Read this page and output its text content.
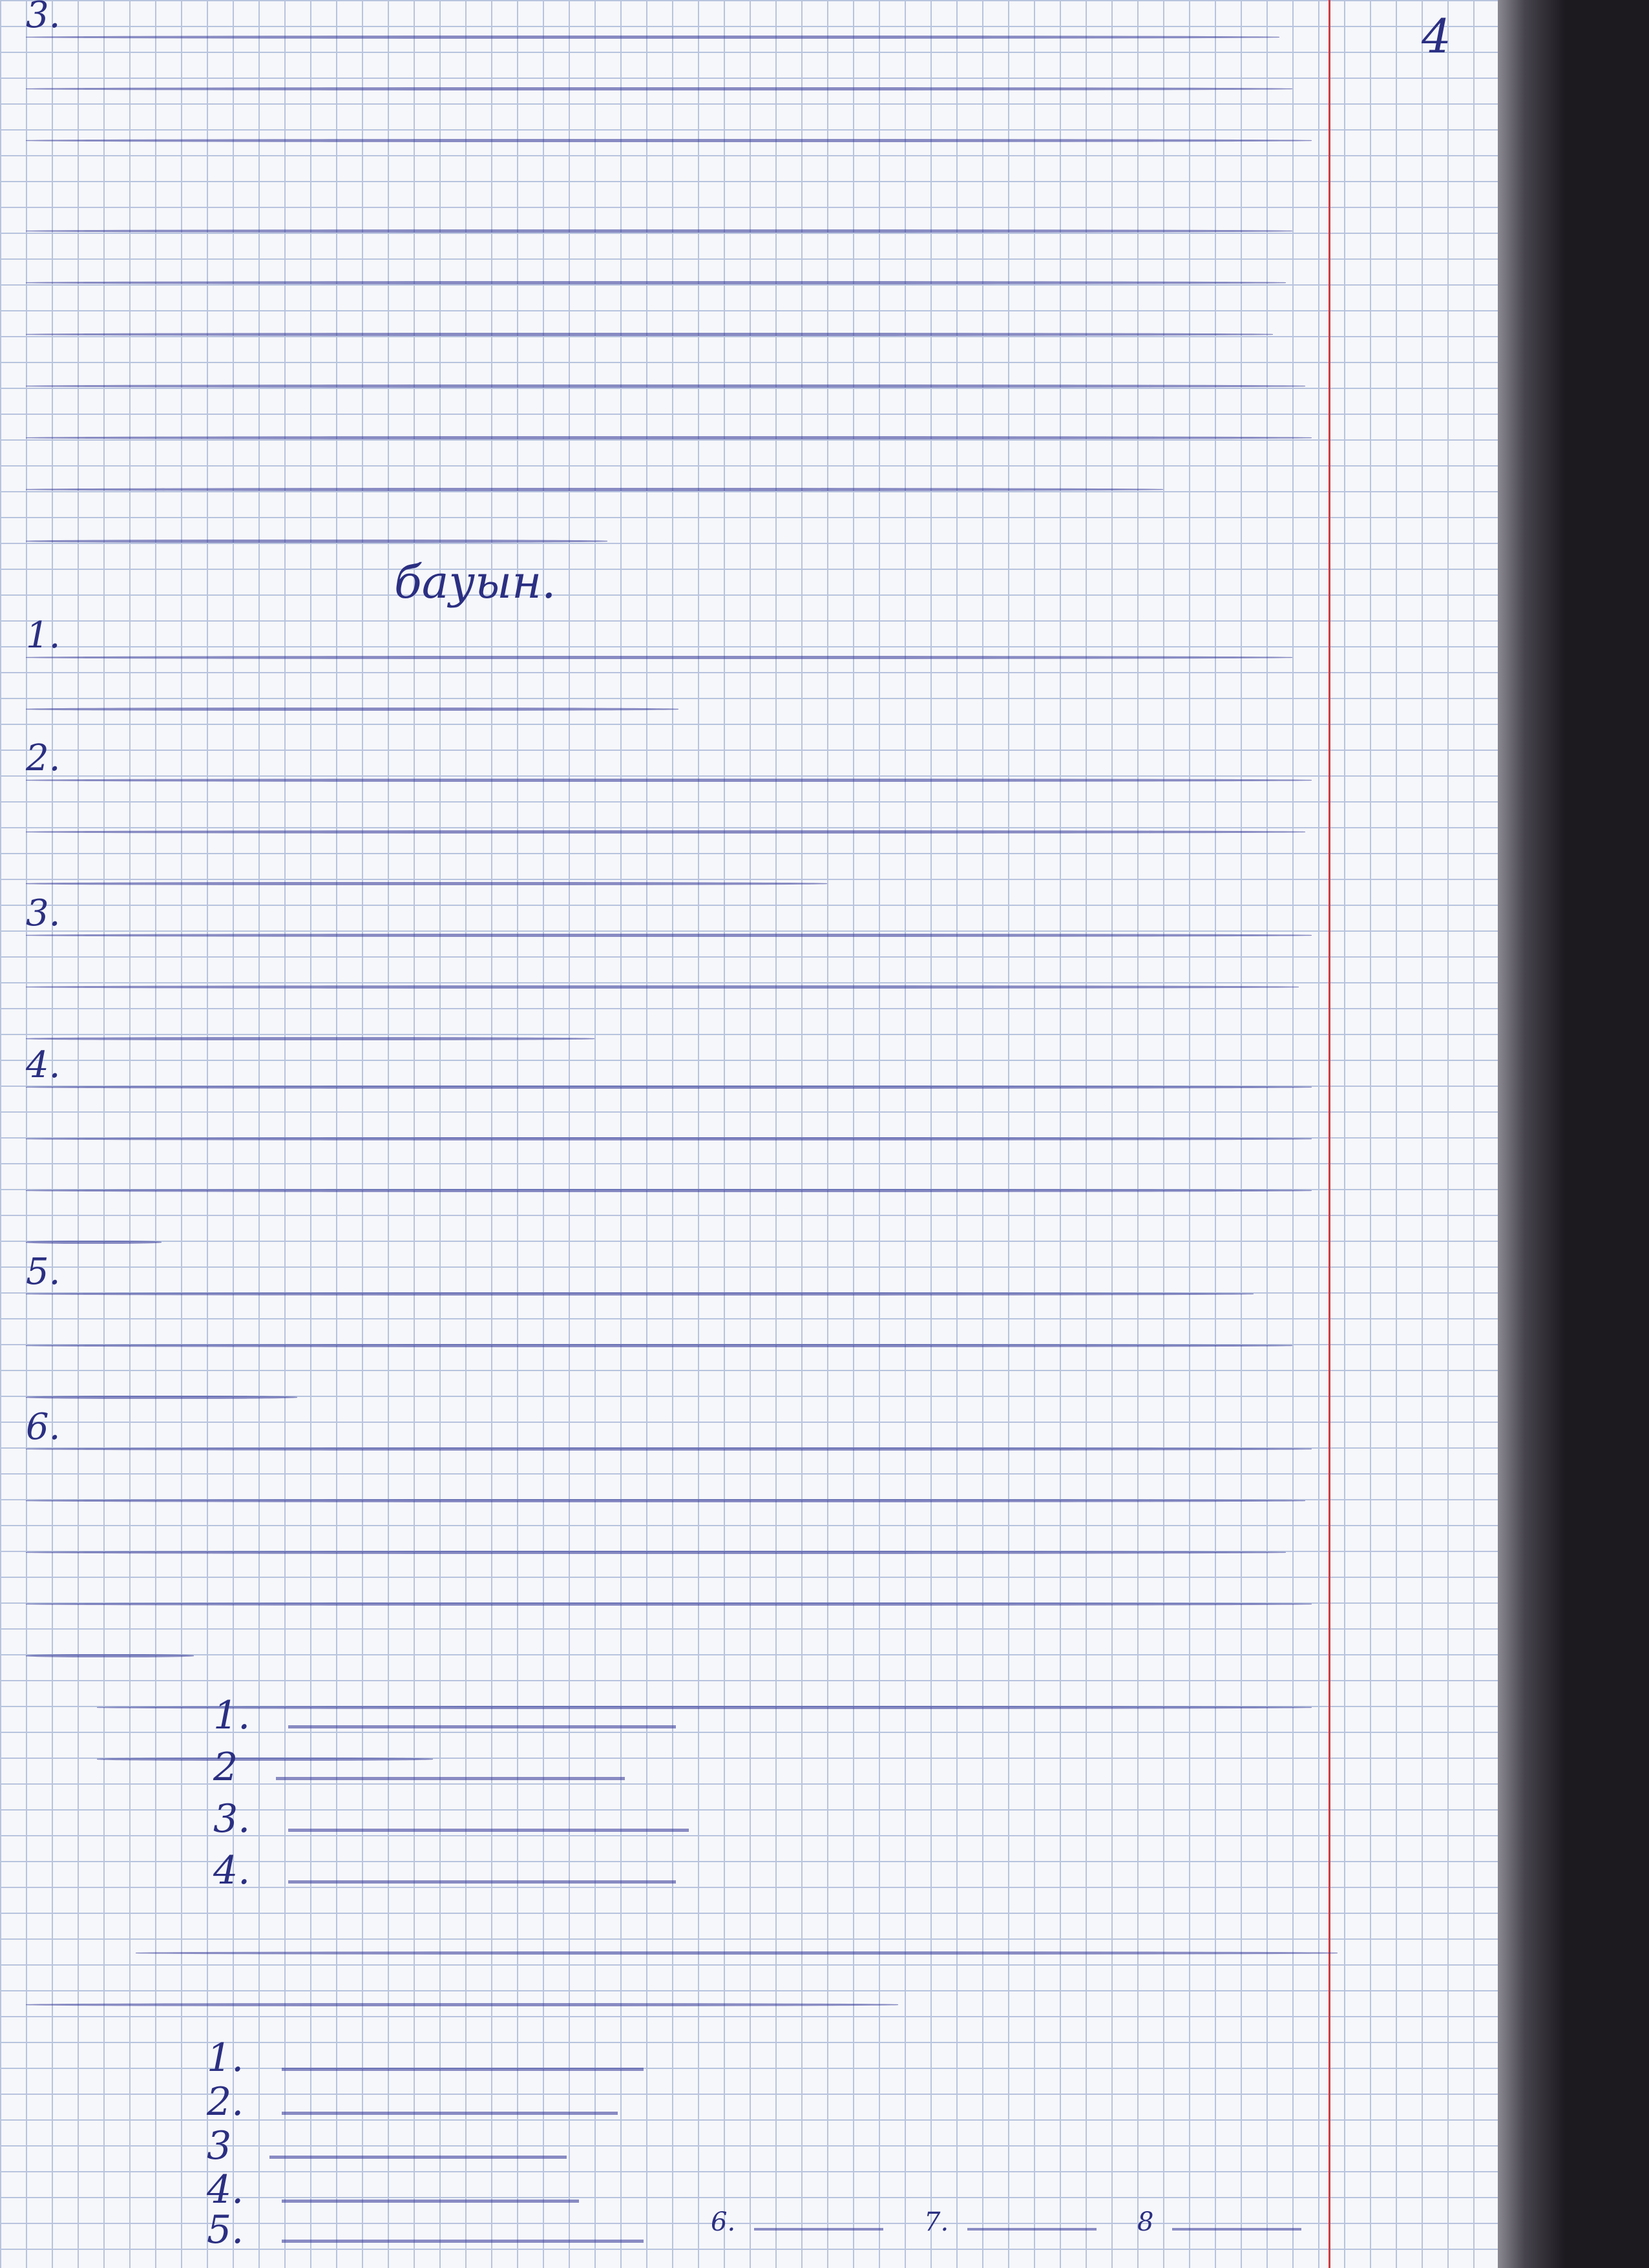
4
3.
бауын.
1.
2.
3.
4.
5.
6.
1.
2
3.
4.
1.
2.
3
4.
5.	6.	7.	8
